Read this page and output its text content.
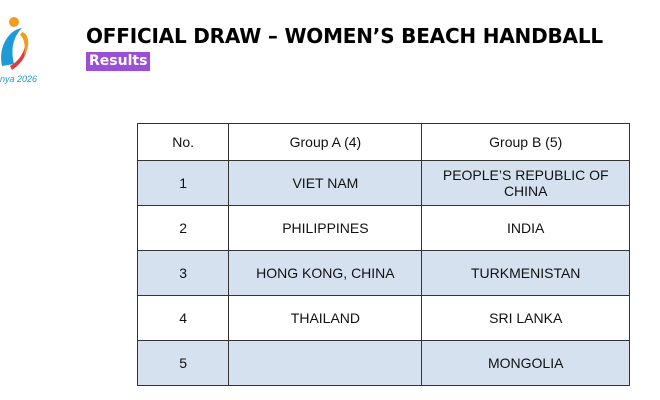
nya 2026
OFFICIAL DRAW – WOMEN’S BEACH HANDBALL
Results
No.	Group A (4)	Group B (5)
1	VIET NAM	PEOPLE’S REPUBLIC OF CHINA
2	PHILIPPINES	INDIA
3	HONG KONG, CHINA	TURKMENISTAN
4	THAILAND	SRI LANKA
5		MONGOLIA
